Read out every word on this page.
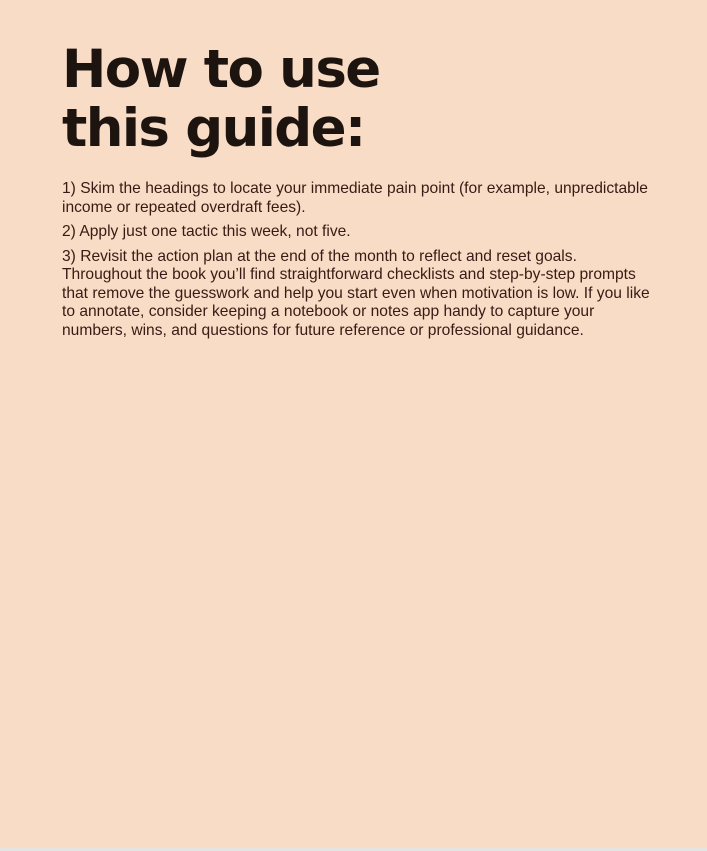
How to use this guide:

1) Skim the headings to locate your immediate pain point (for example, unpredictable income or repeated overdraft fees).

2) Apply just one tactic this week, not five.

3) Revisit the action plan at the end of the month to reflect and reset goals. Throughout the book you’ll find straightforward checklists and step-by-step prompts that remove the guesswork and help you start even when motivation is low. If you like to annotate, consider keeping a notebook or notes app handy to capture your numbers, wins, and questions for future reference or professional guidance.
